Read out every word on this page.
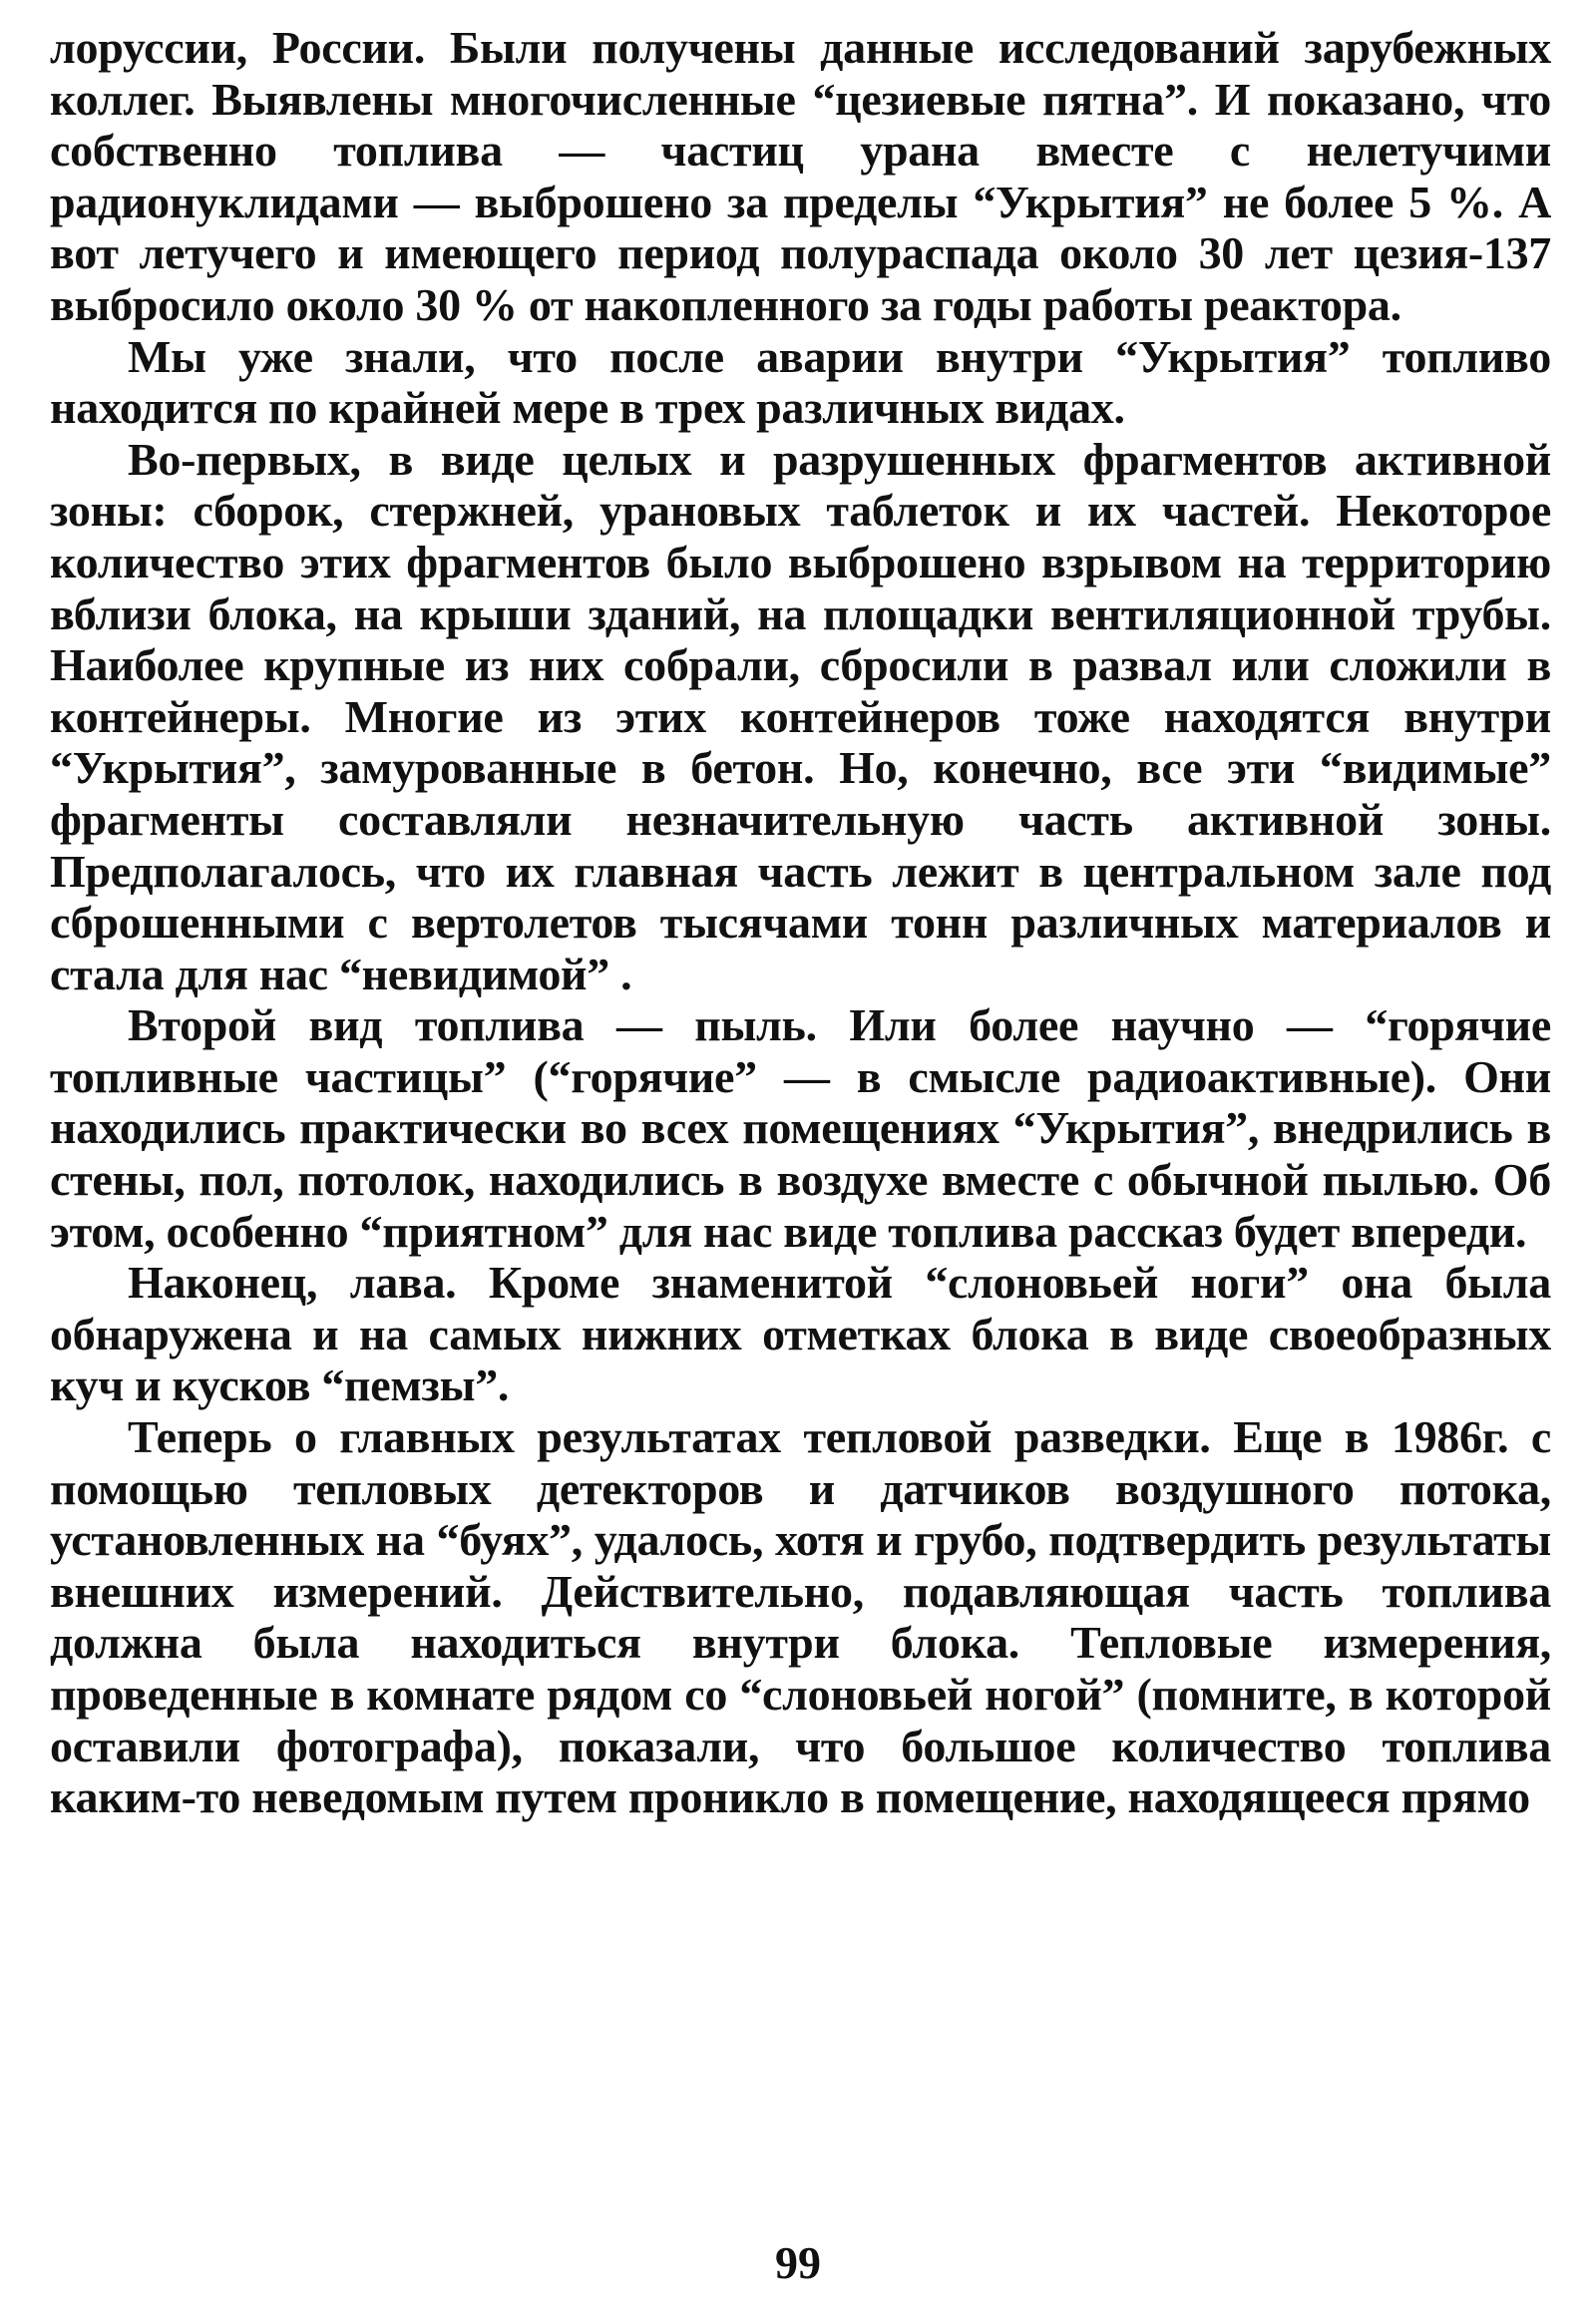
лоруссии, России. Были получены данные исследований зарубежных коллег. Выявлены многочисленные “цезиевые пятна”. И показано, что собственно топлива — частиц урана вместе с нелетучими радионуклидами — выброшено за пределы “Укрытия” не более 5 %. А вот летучего и имеющего период полураспада около 30 лет цезия-137 выбросило около 30 % от накопленного за годы работы реактора.

Мы уже знали, что после аварии внутри “Укрытия” топливо находится по крайней мере в трех различных видах.

Во-первых, в виде целых и разрушенных фрагментов активной зоны: сборок, стержней, урановых таблеток и их частей. Некоторое количество этих фрагментов было выброшено взрывом на территорию вблизи блока, на крыши зданий, на площадки вентиляционной трубы. Наиболее крупные из них собрали, сбросили в развал или сложили в контейнеры. Многие из этих контейнеров тоже находятся внутри “Укрытия”, замурованные в бетон. Но, конечно, все эти “видимые” фрагменты составляли незначительную часть активной зоны. Предполагалось, что их главная часть лежит в центральном зале под сброшенными с вертолетов тысячами тонн различных материалов и стала для нас “невидимой” .

Второй вид топлива — пыль. Или более научно — “горячие топливные частицы” (“горячие” — в смысле радиоактивные). Они находились практически во всех помещениях “Укрытия”, внедрились в стены, пол, потолок, находились в воздухе вместе с обычной пылью. Об этом, особенно “приятном” для нас виде топлива рассказ будет впереди.

Наконец, лава. Кроме знаменитой “слоновьей ноги” она была обнаружена и на самых нижних отметках блока в виде своеобразных куч и кусков “пемзы”.

Теперь о главных результатах тепловой разведки. Еще в 1986г. с помощью тепловых детекторов и датчиков воздушного потока, установленных на “буях”, удалось, хотя и грубо, подтвердить результаты внешних измерений. Действительно, подавляющая часть топлива должна была находиться внутри блока. Тепловые измерения, проведенные в комнате рядом со “слоновьей ногой” (помните, в которой оставили фотографа), показали, что большое количество топлива каким-то неведомым путем проникло в помещение, находящееся прямо

99
